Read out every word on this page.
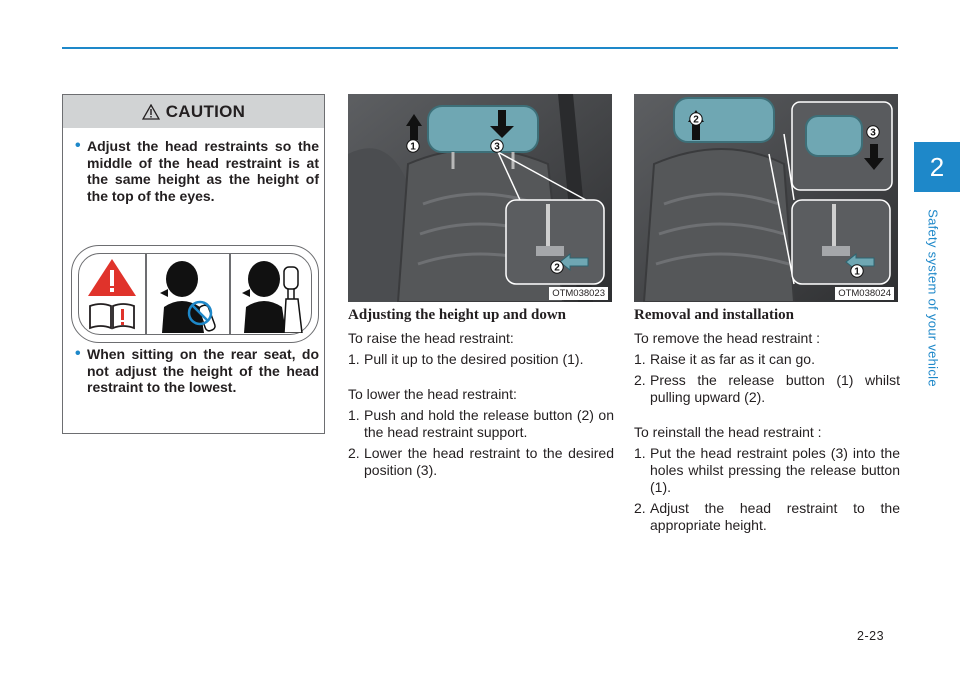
2
Safety system of your vehicle
CAUTION
• Adjust the head restraints so the middle of the head restraint is at the same height as the height of the top of the eyes.
• When sitting on the rear seat, do not adjust the height of the head restraint to the lowest.
1	3
2
OTM038023
2
3
1
OTM038024
Adjusting the height up and down

To raise the head restraint:

1. Pull it up to the desired position (1).

To lower the head restraint:

1. Push and hold the release button (2) on the head restraint support.
2. Lower the head restraint to the desired position (3).
Removal and installation

To remove the head restraint :

1. Raise it as far as it can go.
2. Press the release button (1) whilst pulling upward (2).

To reinstall the head restraint :

1. Put the head restraint poles (3) into the holes whilst pressing the release button (1).
2. Adjust the head restraint to the appropriate height.
2-23
